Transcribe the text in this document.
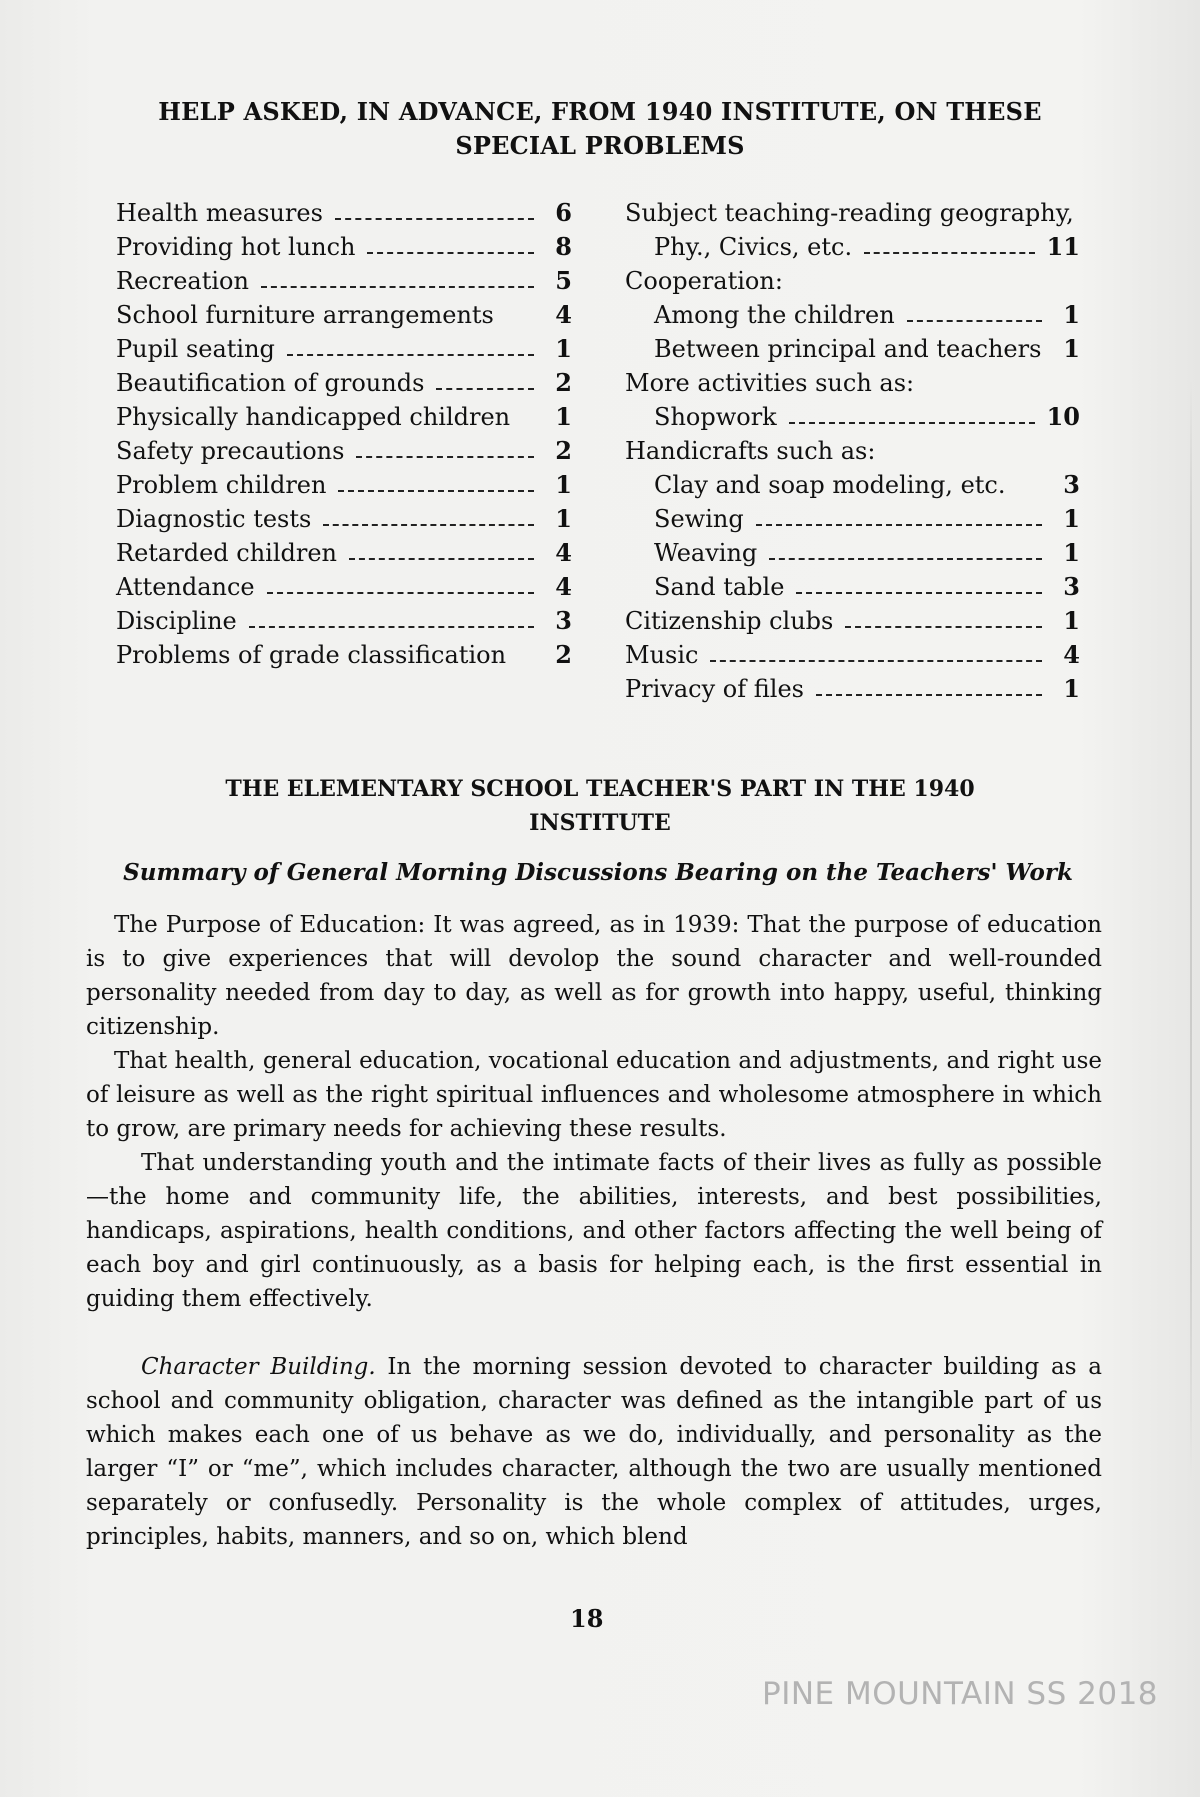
HELP ASKED, IN ADVANCE, FROM 1940 INSTITUTE, ON THESE
SPECIAL PROBLEMS
Health measures	6
Providing hot lunch	8
Recreation	5
School furniture arrangements	4
Pupil seating	1
Beautification of grounds	2
Physically handicapped children	1
Safety precautions	2
Problem children	1
Diagnostic tests	1
Retarded children	4
Attendance	4
Discipline	3
Problems of grade classification	2
Subject teaching-reading geography,
Phy., Civics, etc.	11
Cooperation:
Among the children	1
Between principal and teachers 1
More activities such as:
Shopwork	10
Handicrafts such as:
Clay and soap modeling, etc.	3
Sewing	1
Weaving	1
Sand table	3
Citizenship clubs	1
Music	4
Privacy of files	1
THE ELEMENTARY SCHOOL TEACHER'S PART IN THE 1940
INSTITUTE
Summary of General Morning Discussions Bearing on the Teachers' Work

The Purpose of Education: It was agreed, as in 1939: That the purpose of education is to give experiences that will devolop the sound character and well-rounded personality needed from day to day, as well as for growth into happy, useful, thinking citizenship.

That health, general education, vocational education and adjustments, and right use of leisure as well as the right spiritual influences and wholesome atmosphere in which to grow, are primary needs for achieving these results.

That understanding youth and the intimate facts of their lives as fully as possible—the home and community life, the abilities, interests, and best possibilities, handicaps, aspirations, health conditions, and other factors affecting the well being of each boy and girl continuously, as a basis for helping each, is the first essential in guiding them effectively.

Character Building. In the morning session devoted to character building as a school and community obligation, character was defined as the intangible part of us which makes each one of us behave as we do, individually, and personality as the larger “I” or “me”, which includes character, although the two are usually mentioned separately or confusedly. Personality is the whole complex of attitudes, urges, principles, habits, manners, and so on, which blend

18
PINE MOUNTAIN SS 2018
